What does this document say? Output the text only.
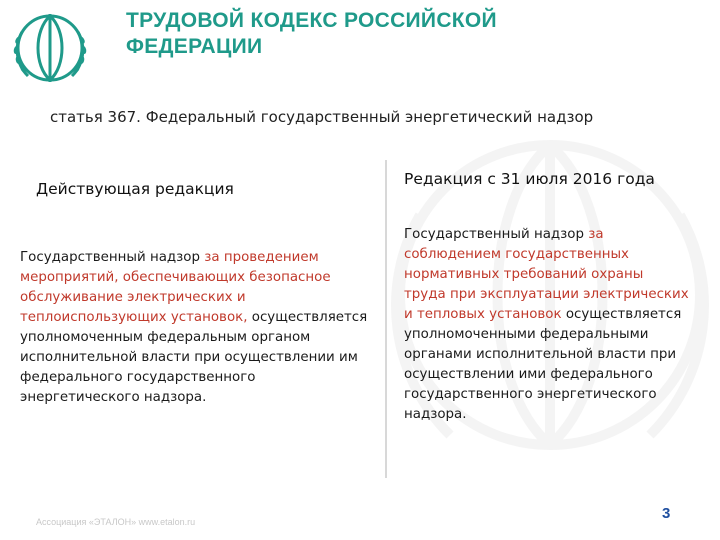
ТРУДОВОЙ КОДЕКС РОССИЙСКОЙ
ФЕДЕРАЦИИ
статья 367. Федеральный государственный энергетический надзор
Действующая редакция
Редакция с 31 июля 2016 года
Государственный надзор за проведением мероприятий, обеспечивающих безопасное обслуживание электрических и теплоиспользующих установок, осуществляется уполномоченным федеральным органом исполнительной власти при осуществлении им федерального государственного энергетического надзора.
Государственный надзор за соблюдением государственных нормативных требований охраны труда при эксплуатации электрических и тепловых установок осуществляется уполномоченными федеральными органами исполнительной власти при осуществлении ими федерального государственного энергетического надзора.
Ассоциация «ЭТАЛОН» www.etalon.ru	3
